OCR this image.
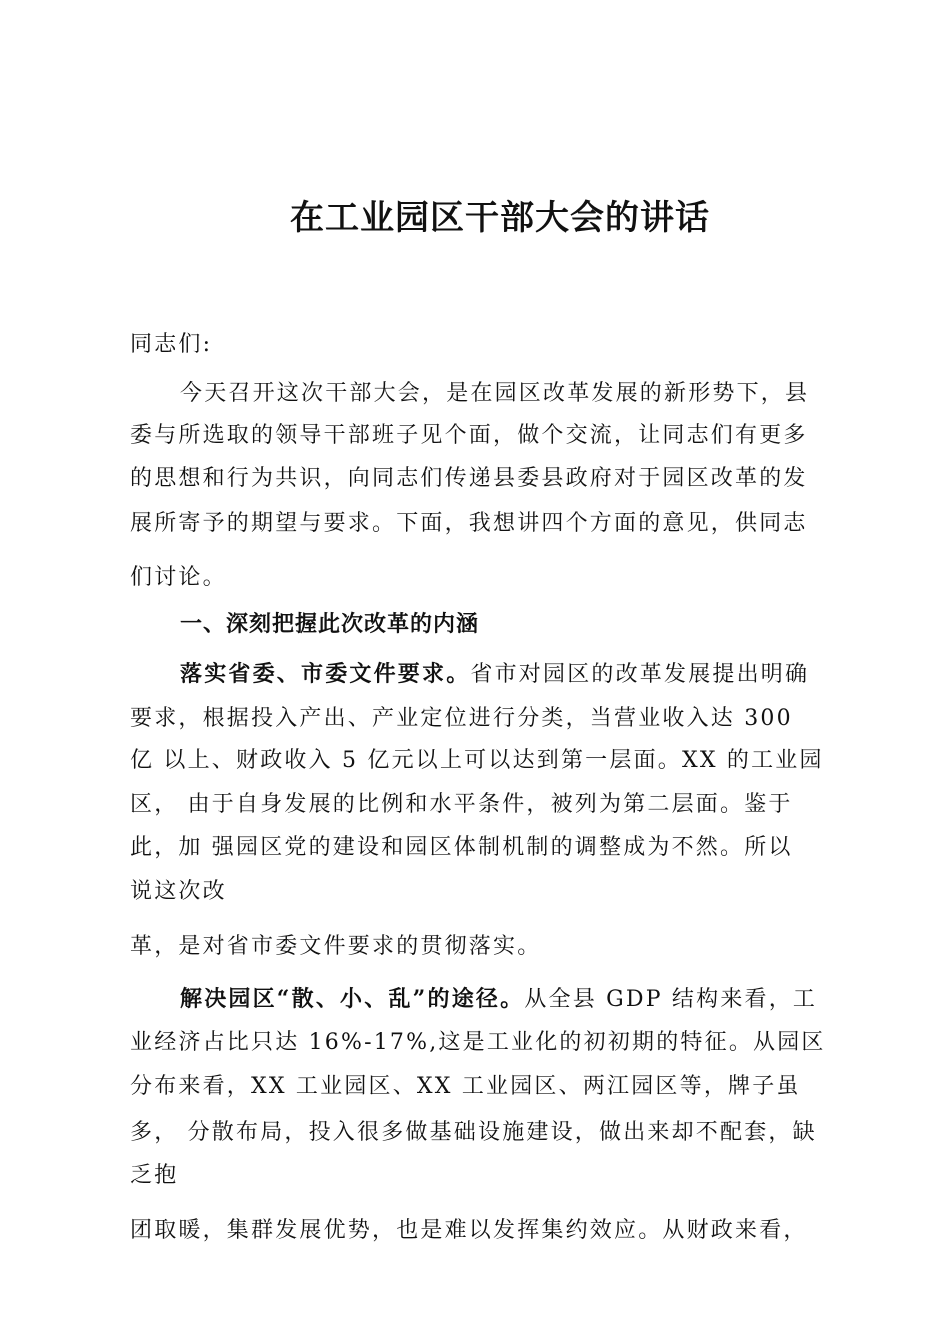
在工业园区干部大会的讲话
同志们:
今天召开这次干部大会，是在园区改革发展的新形势下，县
委与所选取的领导干部班子见个面，做个交流，让同志们有更多
的思想和行为共识，向同志们传递县委县政府对于园区改革的发
展所寄予的期望与要求。下面，我想讲四个方面的意见，供同志
们讨论。
一、深刻把握此次改革的内涵
落实省委、市委文件要求。省市对园区的改革发展提出明确
要求，根据投入产出、产业定位进行分类，当营业收入达 300
亿 以上、财政收入 5 亿元以上可以达到第一层面。XX 的工业园
区， 由于自身发展的比例和水平条件，被列为第二层面。鉴于
此，加 强园区党的建设和园区体制机制的调整成为不然。所以
说这次改
革，是对省市委文件要求的贯彻落实。
解决园区“散、小、乱”的途径。从全县 GDP 结构来看，工
业经济占比只达 16%-17%,这是工业化的初初期的特征。从园区
分布来看，XX 工业园区、XX 工业园区、两江园区等，牌子虽
多， 分散布局，投入很多做基础设施建设，做出来却不配套，缺
乏抱
团取暖，集群发展优势，也是难以发挥集约效应。从财政来看，
